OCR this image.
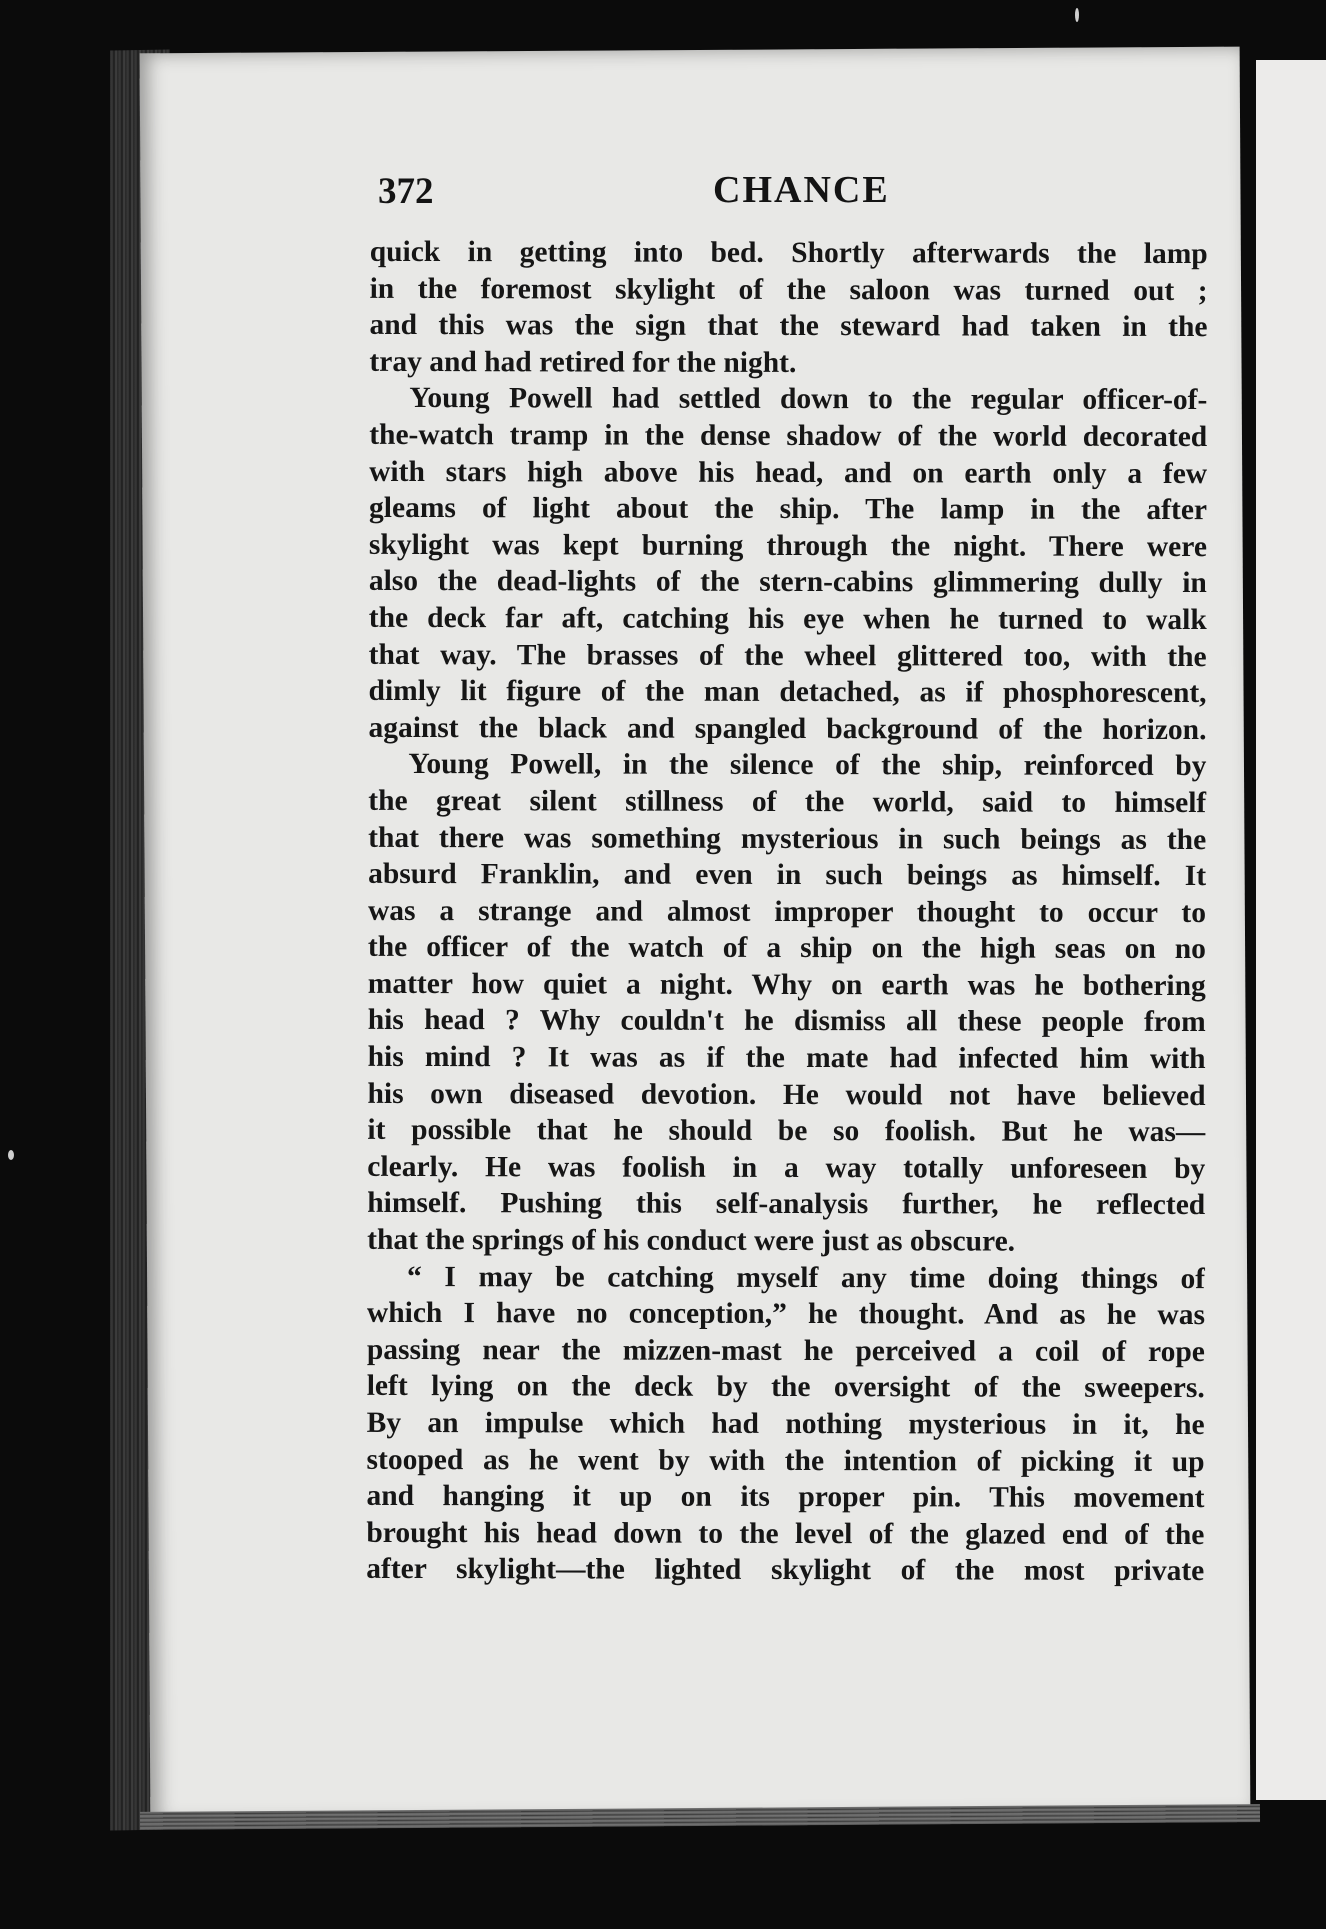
372	CHANCE
quick in getting into bed. Shortly afterwards the lamp
in the foremost skylight of the saloon was turned out ;
and this was the sign that the steward had taken in the
tray and had retired for the night.
Young Powell had settled down to the regular officer-of-
the-watch tramp in the dense shadow of the world decorated
with stars high above his head, and on earth only a few
gleams of light about the ship. The lamp in the after
skylight was kept burning through the night. There were
also the dead-lights of the stern-cabins glimmering dully in
the deck far aft, catching his eye when he turned to walk
that way. The brasses of the wheel glittered too, with the
dimly lit figure of the man detached, as if phosphorescent,
against the black and spangled background of the horizon.
Young Powell, in the silence of the ship, reinforced by
the great silent stillness of the world, said to himself
that there was something mysterious in such beings as the
absurd Franklin, and even in such beings as himself. It
was a strange and almost improper thought to occur to
the officer of the watch of a ship on the high seas on no
matter how quiet a night. Why on earth was he bothering
his head ? Why couldn't he dismiss all these people from
his mind ? It was as if the mate had infected him with
his own diseased devotion. He would not have believed
it possible that he should be so foolish. But he was—
clearly. He was foolish in a way totally unforeseen by
himself. Pushing this self-analysis further, he reflected
that the springs of his conduct were just as obscure.
“ I may be catching myself any time doing things of
which I have no conception,” he thought. And as he was
passing near the mizzen-mast he perceived a coil of rope
left lying on the deck by the oversight of the sweepers.
By an impulse which had nothing mysterious in it, he
stooped as he went by with the intention of picking it up
and hanging it up on its proper pin. This movement
brought his head down to the level of the glazed end of the
after skylight—the lighted skylight of the most private
